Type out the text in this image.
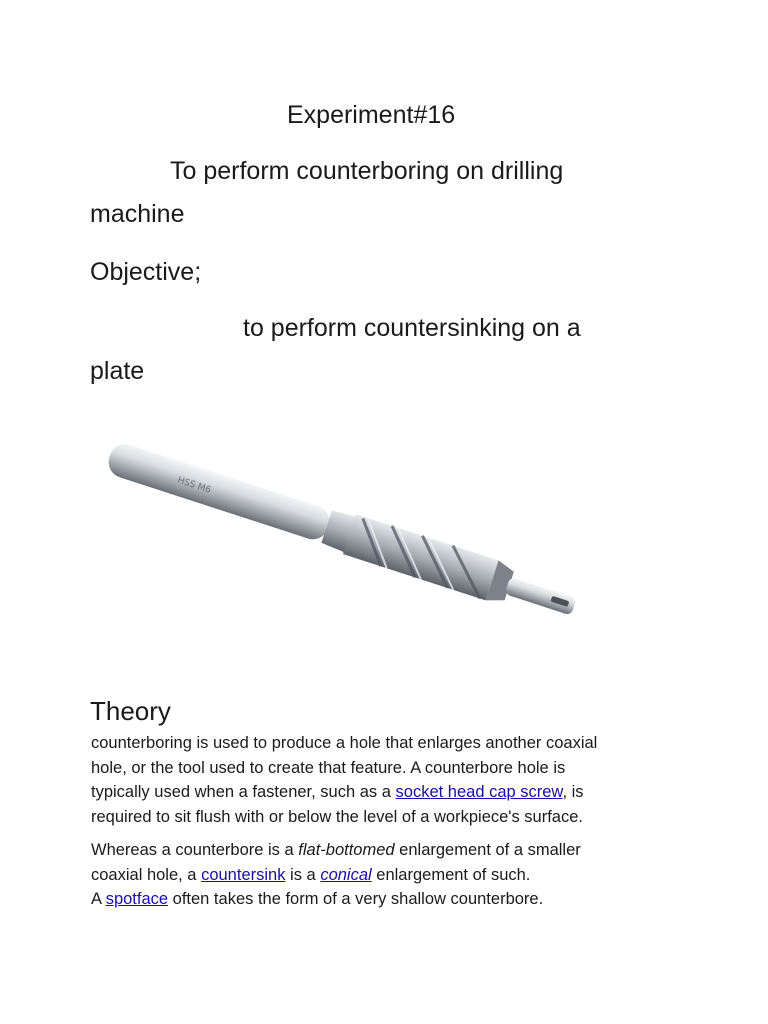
Experiment#16
To perform counterboring on drilling
machine
Objective;
to perform countersinking on a
plate
HSS M6
Theory
counterboring is used to produce a hole that enlarges another coaxial
hole, or the tool used to create that feature. A counterbore hole is
typically used when a fastener, such as a socket head cap screw, is
required to sit flush with or below the level of a workpiece's surface.
Whereas a counterbore is a flat-bottomed enlargement of a smaller
coaxial hole, a countersink is a conical enlargement of such.
A spotface often takes the form of a very shallow counterbore.
